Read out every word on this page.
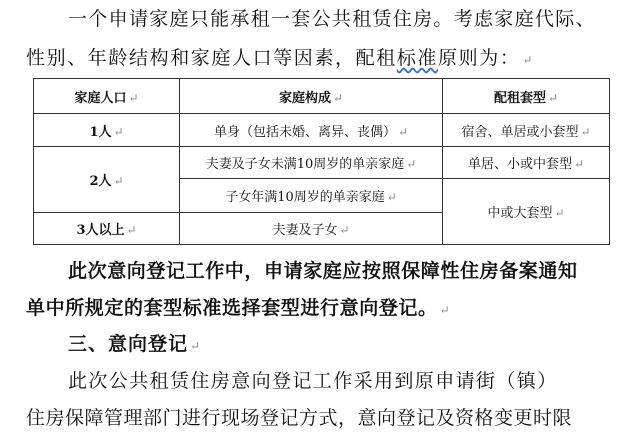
一个申请家庭只能承租一套公共租赁住房。考虑家庭代际、
性别、年龄结构和家庭人口等因素，配租标准原则为： ↵
家庭人口 ↵	家庭构成 ↵	配租套型 ↵
1人 ↵	单身（包括未婚、离异、丧偶） ↵	宿舍、单居或小套型 ↵
2人 ↵	夫妻及子女未满10周岁的单亲家庭 ↵	单居、小或中套型 ↵
	子女年满10周岁的单亲家庭 ↵	中或大套型 ↵
3人以上 ↵	夫妻及子女 ↵	
此次意向登记工作中，申请家庭应按照保障性住房备案通知
单中所规定的套型标准选择套型进行意向登记。 ↵
三、意向登记 ↵
此次公共租赁住房意向登记工作采用到原申请街（镇）
住房保障管理部门进行现场登记方式，意向登记及资格变更时限
